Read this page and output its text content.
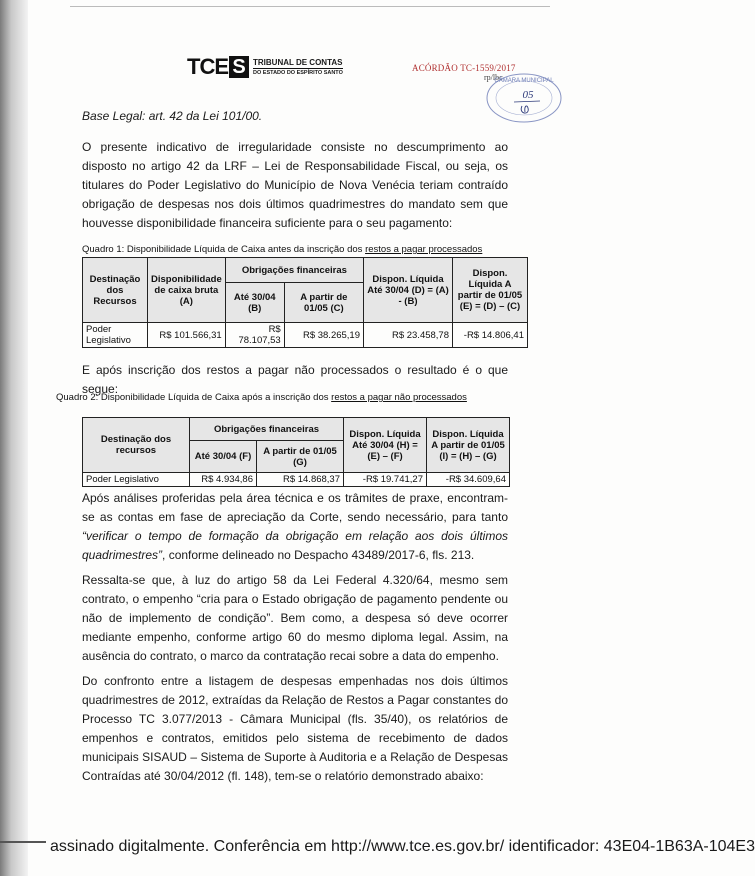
TCE S TRIBUNAL DE CONTAS
DO ESTADO DO ESPÍRITO SANTO	ACÓRDÃO TC-1559/2017
rp/lbc
CÂMARA MUNICIPAL
05
Base Legal: art. 42 da Lei 101/00.

O presente indicativo de irregularidade consiste no descumprimento ao disposto no artigo 42 da LRF – Lei de Responsabilidade Fiscal, ou seja, os titulares do Poder Legislativo do Município de Nova Venécia teriam contraído obrigação de despesas nos dois últimos quadrimestres do mandato sem que houvesse disponibilidade financeira suficiente para o seu pagamento:

Quadro 1: Disponibilidade Líquida de Caixa antes da inscrição dos restos a pagar processados
Destinação dos Recursos	Disponibilidade de caixa bruta (A)	Obrigações financeiras		Dispon. Líquida Até 30/04 (D) = (A) - (B)	Dispon. Líquida A partir de 01/05 (E) = (D) – (C)
		Até 30/04 (B)	A partir de 01/05 (C)		
Poder Legislativo	R$ 101.566,31	R$ 78.107,53	R$ 38.265,19	R$ 23.458,78	-R$ 14.806,41

E após inscrição dos restos a pagar não processados o resultado é o que segue:

Quadro 2: Disponibilidade Líquida de Caixa após a inscrição dos restos a pagar não processados
Destinação dos recursos	Obrigações financeiras		Dispon. Líquida Até 30/04 (H) = (E) – (F)	Dispon. Líquida A partir de 01/05 (I) = (H) – (G)
	Até 30/04 (F)	A partir de 01/05 (G)		
Poder Legislativo	R$ 4.934,86	R$ 14.868,37	-R$ 19.741,27	-R$ 34.609,64

Após análises proferidas pela área técnica e os trâmites de praxe, encontram-se as contas em fase de apreciação da Corte, sendo necessário, para tanto “verificar o tempo de formação da obrigação em relação aos dois últimos quadrimestres”, conforme delineado no Despacho 43489/2017-6, fls. 213.

Ressalta-se que, à luz do artigo 58 da Lei Federal 4.320/64, mesmo sem contrato, o empenho “cria para o Estado obrigação de pagamento pendente ou não de implemento de condição”. Bem como, a despesa só deve ocorrer mediante empenho, conforme artigo 60 do mesmo diploma legal. Assim, na ausência do contrato, o marco da contratação recai sobre a data do empenho.

Do confronto entre a listagem de despesas empenhadas nos dois últimos quadrimestres de 2012, extraídas da Relação de Restos a Pagar constantes do Processo TC 3.077/2013 - Câmara Municipal (fls. 35/40), os relatórios de empenhos e contratos, emitidos pelo sistema de recebimento de dados municipais SISAUD – Sistema de Suporte à Auditoria e a Relação de Despesas Contraídas até 30/04/2012 (fl. 148), tem-se o relatório demonstrado abaixo:

assinado digitalmente. Conferência em http://www.tce.es.gov.br/ identificador: 43E04-1B63A-104E3
